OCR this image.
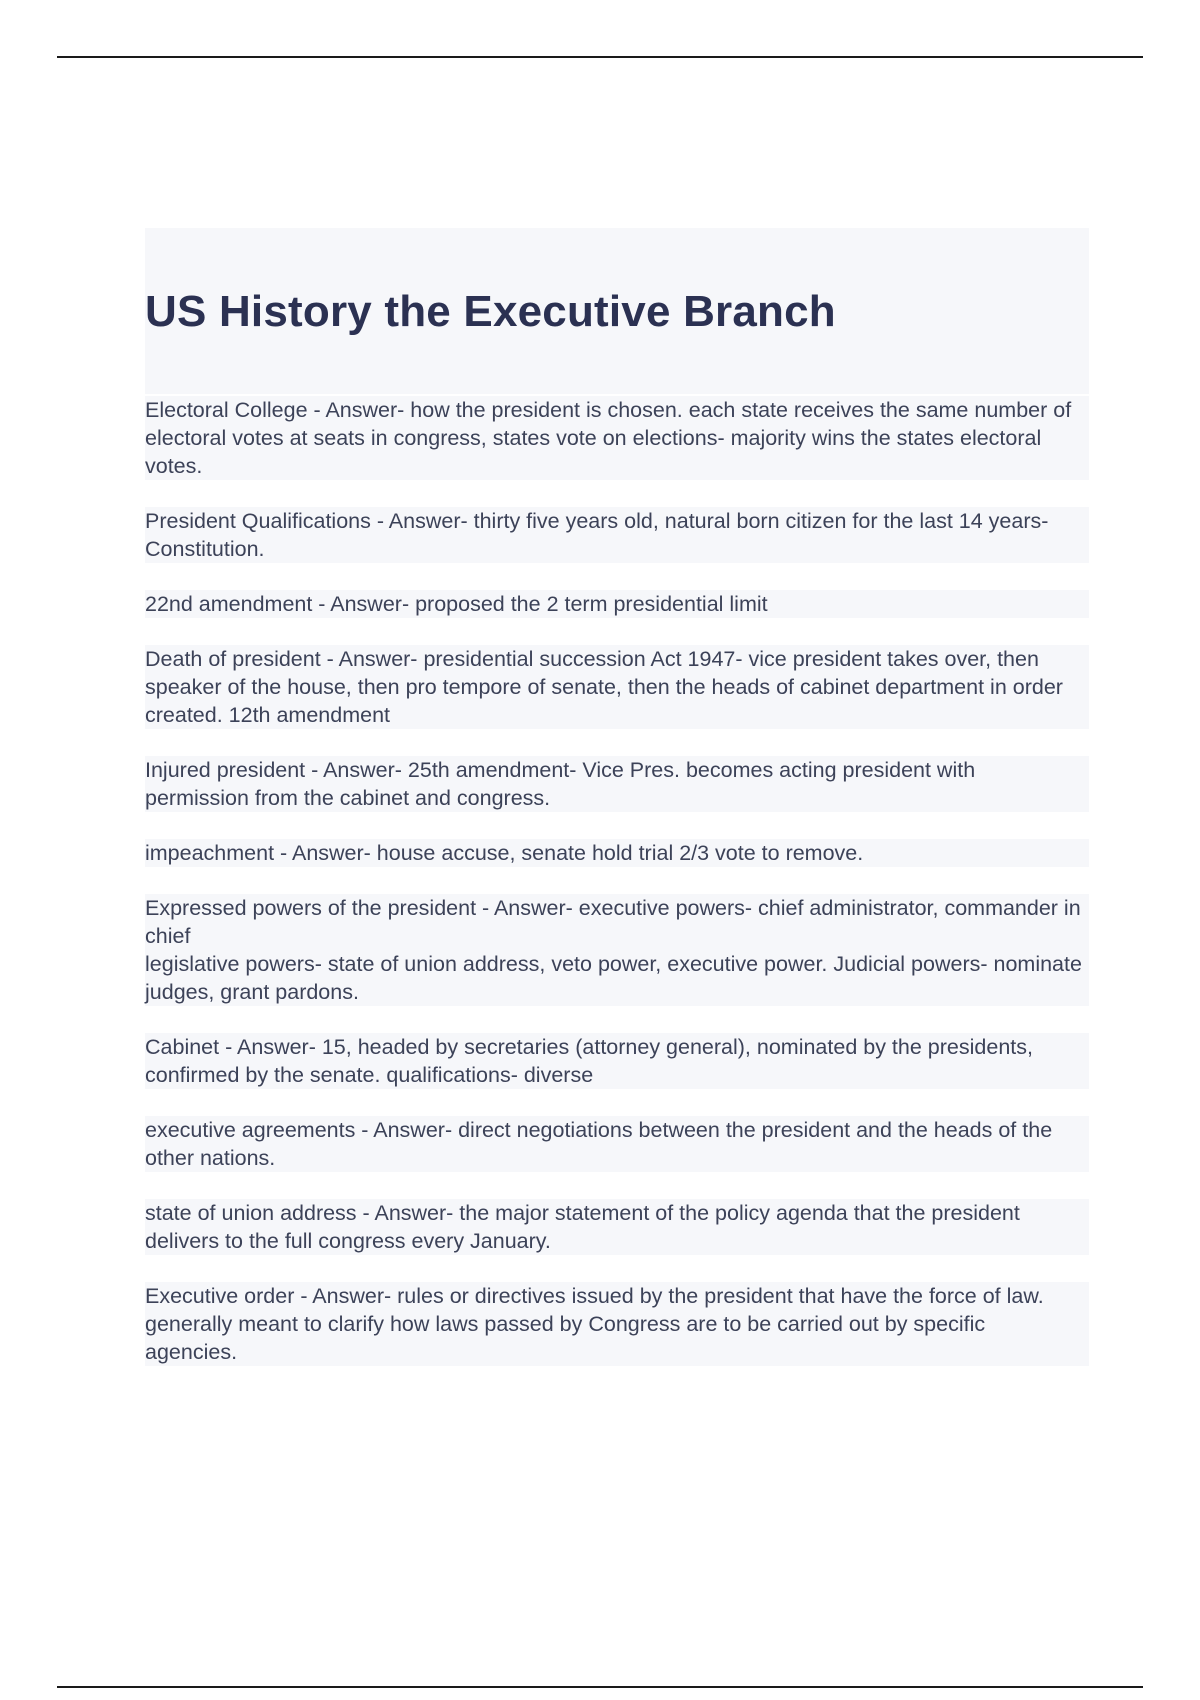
US History the Executive Branch

Electoral College - Answer- how the president is chosen. each state receives the same number of electoral votes at seats in congress, states vote on elections- majority wins the states electoral votes.

President Qualifications - Answer- thirty five years old, natural born citizen for the last 14 years- Constitution.

22nd amendment - Answer- proposed the 2 term presidential limit

Death of president - Answer- presidential succession Act 1947- vice president takes over, then speaker of the house, then pro tempore of senate, then the heads of cabinet department in order created. 12th amendment

Injured president - Answer- 25th amendment- Vice Pres. becomes acting president with permission from the cabinet and congress.

impeachment - Answer- house accuse, senate hold trial 2/3 vote to remove.

Expressed powers of the president - Answer- executive powers- chief administrator, commander in chief
legislative powers- state of union address, veto power, executive power. Judicial powers- nominate judges, grant pardons.

Cabinet - Answer- 15, headed by secretaries (attorney general), nominated by the presidents, confirmed by the senate. qualifications- diverse

executive agreements - Answer- direct negotiations between the president and the heads of the other nations.

state of union address - Answer- the major statement of the policy agenda that the president delivers to the full congress every January.

Executive order - Answer- rules or directives issued by the president that have the force of law. generally meant to clarify how laws passed by Congress are to be carried out by specific agencies.
